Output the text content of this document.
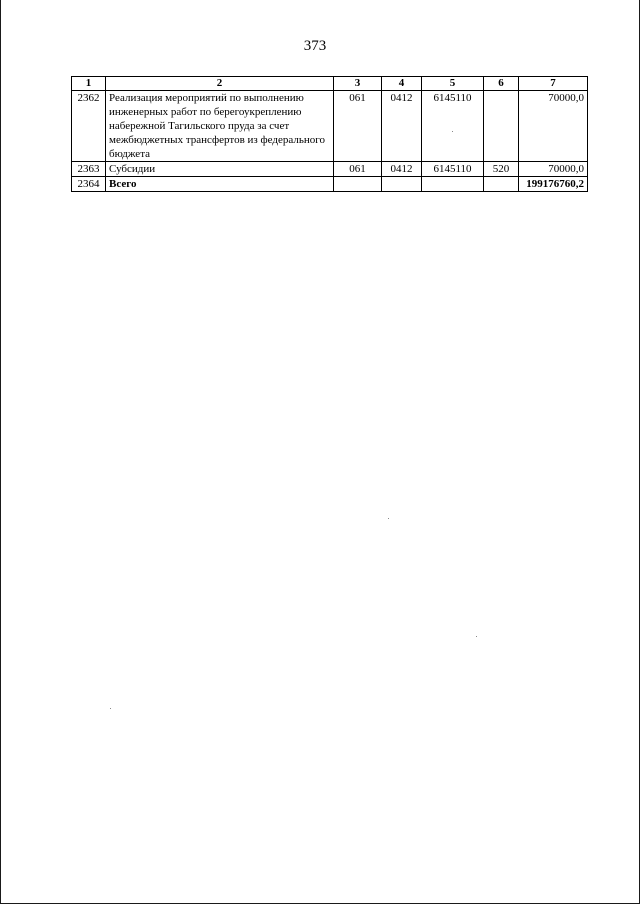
373
1	2	3	4	5	6	7
2362	Реализация мероприятий по выполнению инженерных работ по берегоукреплению набережной Тагильского пруда за счет межбюджетных трансфертов из федерального бюджета	061	0412	6145110		70000,0
2363	Субсидии	061	0412	6145110	520	70000,0
2364	Всего					199176760,2
